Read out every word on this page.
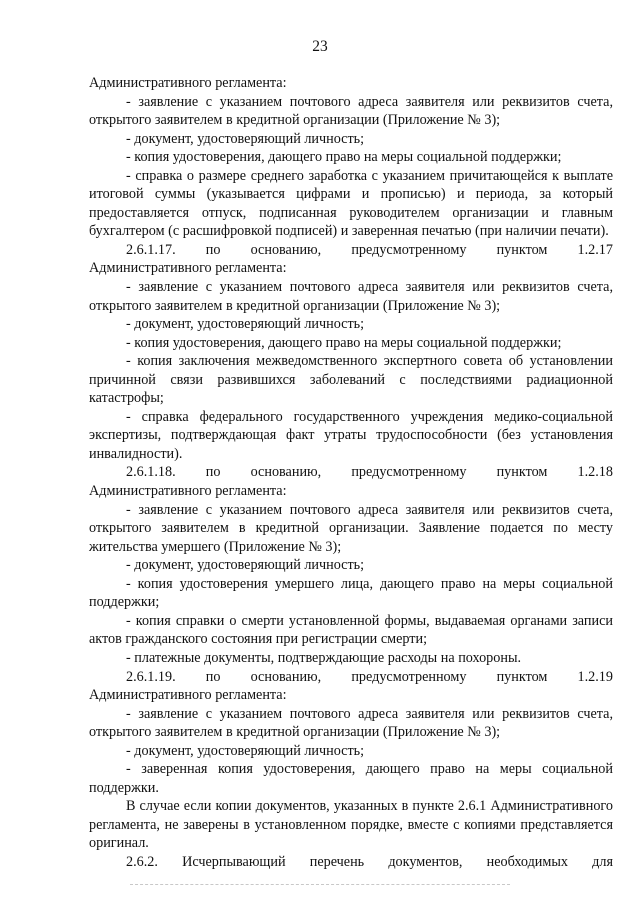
23

Административного регламента:

- заявление с указанием почтового адреса заявителя или реквизитов счета, открытого заявителем в кредитной организации (Приложение № 3);

- документ, удостоверяющий личность;

- копия удостоверения, дающего право на меры социальной поддержки;

- справка о размере среднего заработка с указанием причитающейся к выплате итоговой суммы (указывается цифрами и прописью) и периода, за который предоставляется отпуск, подписанная руководителем организации и главным бухгалтером (с расшифровкой подписей) и заверенная печатью (при наличии печати).

2.6.1.17. по основанию, предусмотренному пунктом 1.2.17

Административного регламента:

- заявление с указанием почтового адреса заявителя или реквизитов счета, открытого заявителем в кредитной организации (Приложение № 3);

- документ, удостоверяющий личность;

- копия удостоверения, дающего право на меры социальной поддержки;

- копия заключения межведомственного экспертного совета об установлении причинной связи развившихся заболеваний с последствиями радиационной катастрофы;

- справка федерального государственного учреждения медико-социальной экспертизы, подтверждающая факт утраты трудоспособности (без установления инвалидности).

2.6.1.18. по основанию, предусмотренному пунктом 1.2.18

Административного регламента:

- заявление с указанием почтового адреса заявителя или реквизитов счета, открытого заявителем в кредитной организации. Заявление подается по месту жительства умершего (Приложение № 3);

- документ, удостоверяющий личность;

- копия удостоверения умершего лица, дающего право на меры социальной поддержки;

- копия справки о смерти установленной формы, выдаваемая органами записи актов гражданского состояния при регистрации смерти;

- платежные документы, подтверждающие расходы на похороны.

2.6.1.19. по основанию, предусмотренному пунктом 1.2.19

Административного регламента:

- заявление с указанием почтового адреса заявителя или реквизитов счета, открытого заявителем в кредитной организации (Приложение № 3);

- документ, удостоверяющий личность;

- заверенная копия удостоверения, дающего право на меры социальной поддержки.

В случае если копии документов, указанных в пункте 2.6.1 Административного регламента, не заверены в установленном порядке, вместе с копиями представляется оригинал.

2.6.2. Исчерпывающий перечень документов, необходимых для
